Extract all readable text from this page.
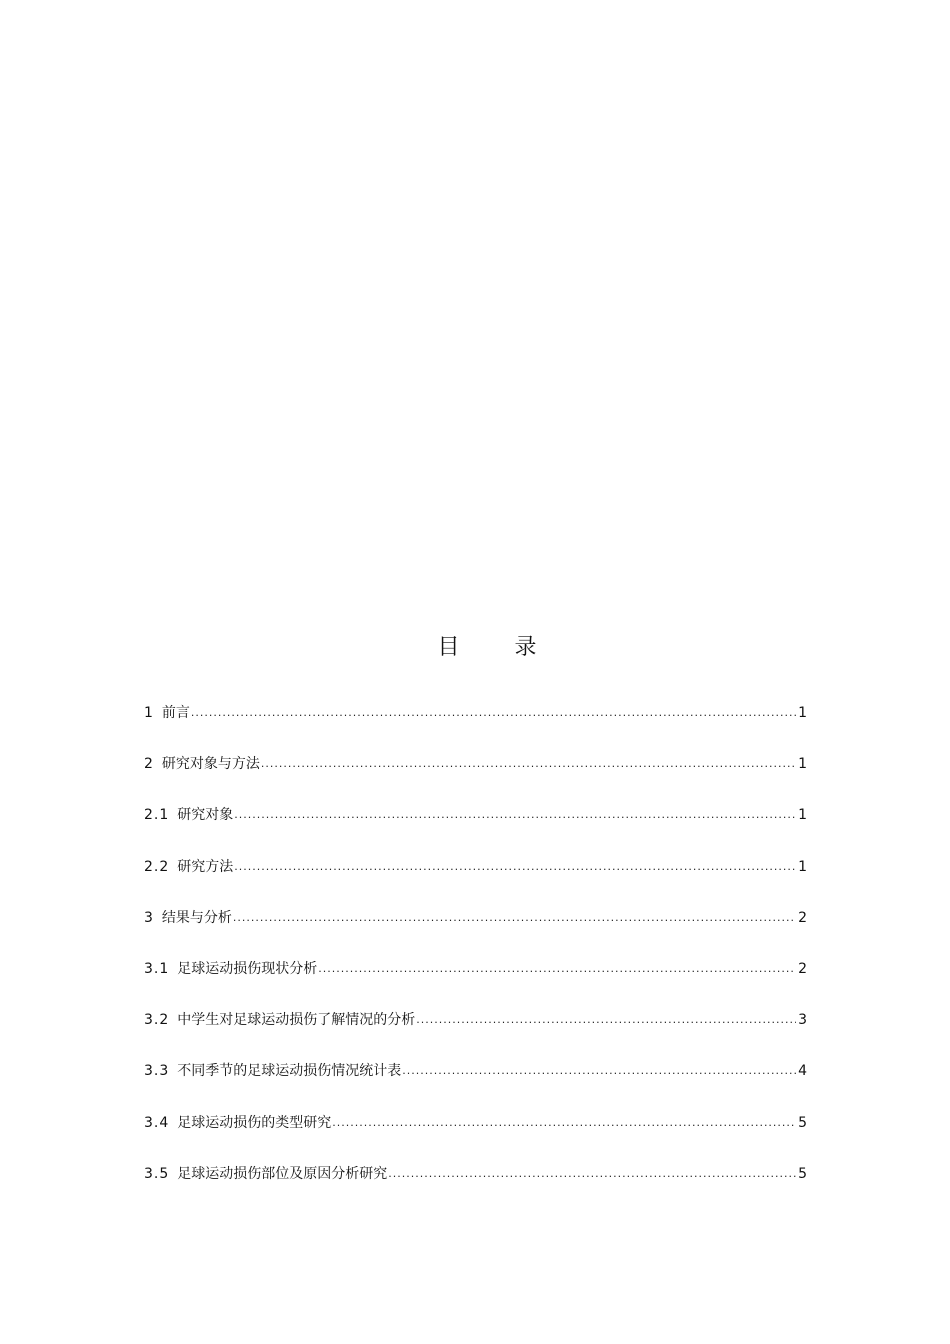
目 录
1 前言 .....	1
2 研究对象与方法 .....	1
2.1 研究对象 .....	1
2.2 研究方法 .....	1
3 结果与分析 .....	2
3.1 足球运动损伤现状分析 .....	2
3.2 中学生对足球运动损伤了解情况的分析 .....	3
3.3 不同季节的足球运动损伤情况统计表 .....	4
3.4 足球运动损伤的类型研究 .....	5
3.5 足球运动损伤部位及原因分析研究 .....	5
